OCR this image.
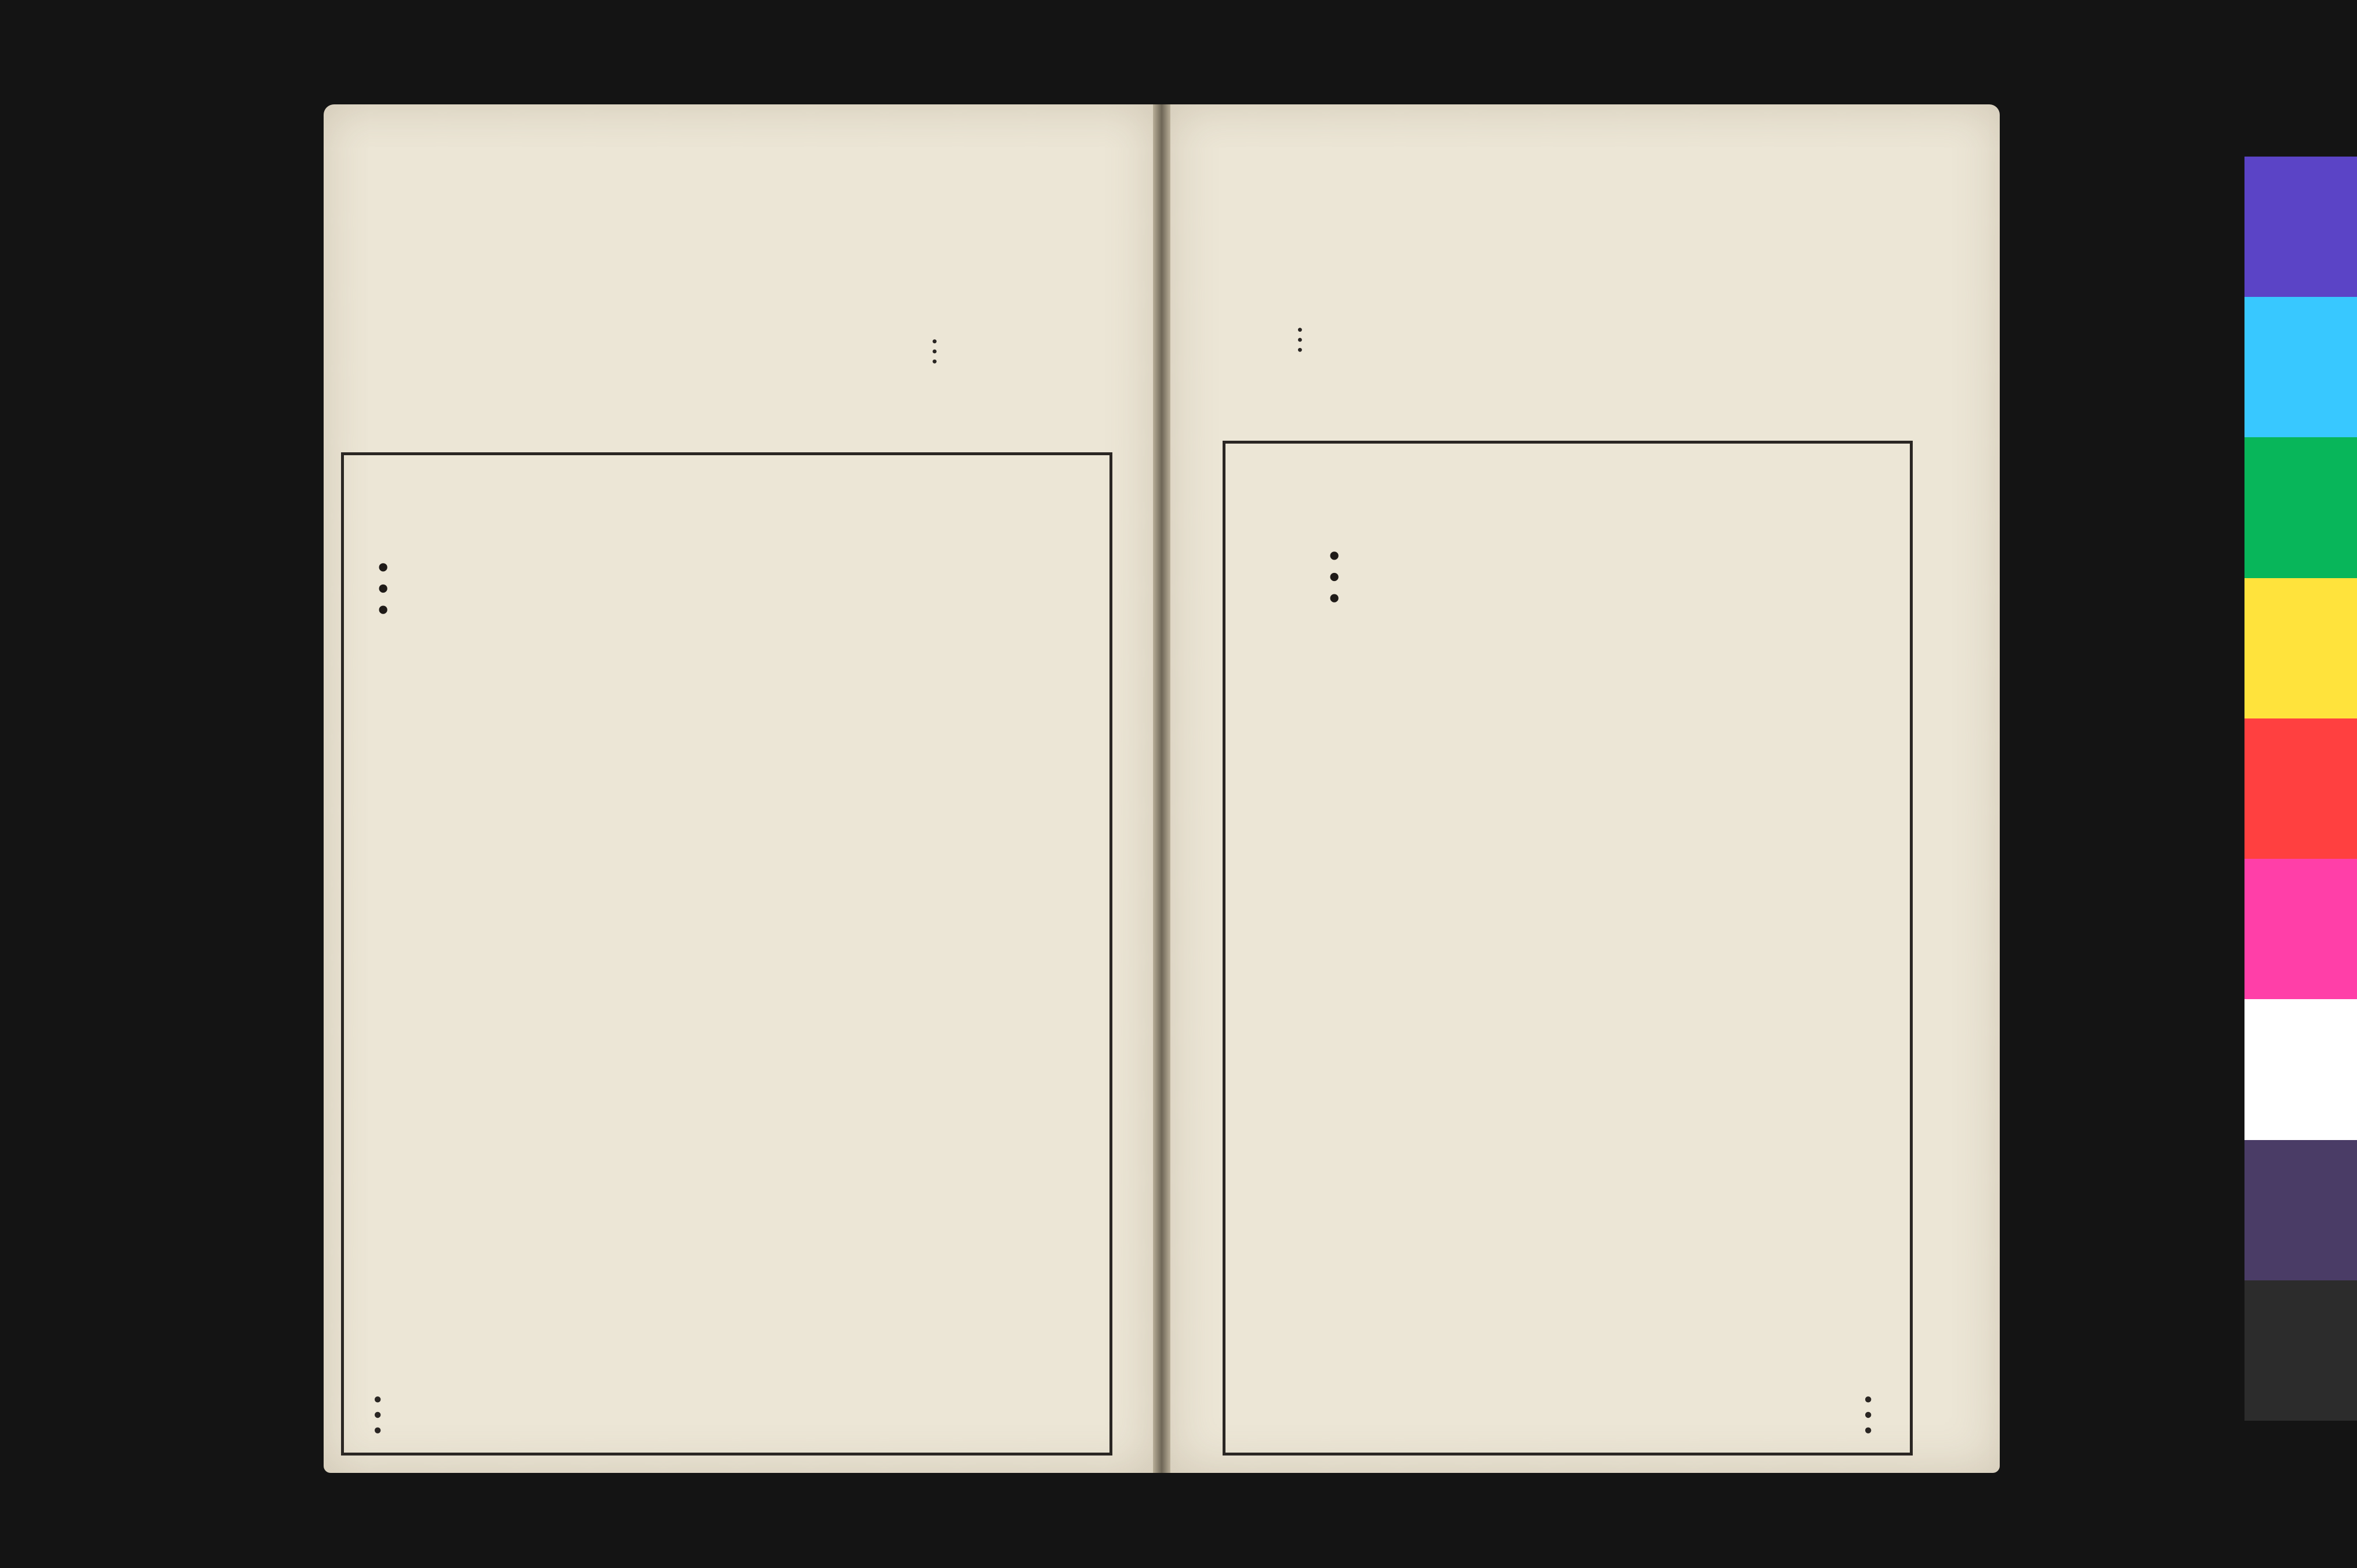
…
…
…
…
…
…
